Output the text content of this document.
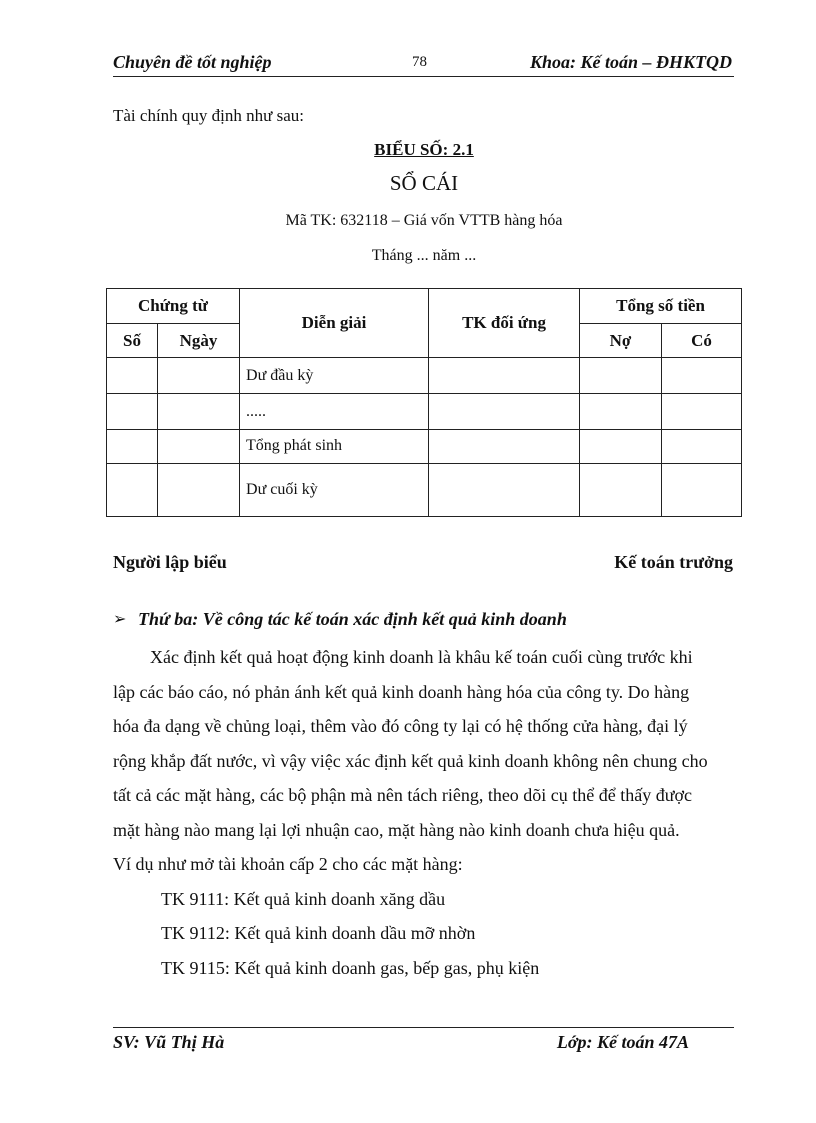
Chuyên đề tốt nghiệp	78	Khoa: Kế toán – ĐHKTQD
Tài chính quy định như sau:
BIỂU SỐ: 2.1
SỔ CÁI
Mã TK: 632118 – Giá vốn VTTB hàng hóa
Tháng ... năm ...
Chứng từ		Diễn giải	TK đối ứng	Tổng số tiền	
Số	Ngày			Nợ	Có
		Dư đầu kỳ			
		.....			
		Tổng phát sinh			
		Dư cuối kỳ			
Người lập biểu	Kế toán trưởng
➢ Thứ ba: Về công tác kế toán xác định kết quả kinh doanh
Xác định kết quả hoạt động kinh doanh là khâu kế toán cuối cùng trước khi
lập các báo cáo, nó phản ánh kết quả kinh doanh hàng hóa của công ty. Do hàng
hóa đa dạng về chủng loại, thêm vào đó công ty lại có hệ thống cửa hàng, đại lý
rộng khắp đất nước, vì vậy việc xác định kết quả kinh doanh không nên chung cho
tất cả các mặt hàng, các bộ phận mà nên tách riêng, theo dõi cụ thể để thấy được
mặt hàng nào mang lại lợi nhuận cao, mặt hàng nào kinh doanh chưa hiệu quả.
Ví dụ như mở tài khoản cấp 2 cho các mặt hàng:
TK 9111: Kết quả kinh doanh xăng dầu
TK 9112: Kết quả kinh doanh dầu mỡ nhờn
TK 9115: Kết quả kinh doanh gas, bếp gas, phụ kiện
SV: Vũ Thị Hà	Lớp: Kế toán 47A
